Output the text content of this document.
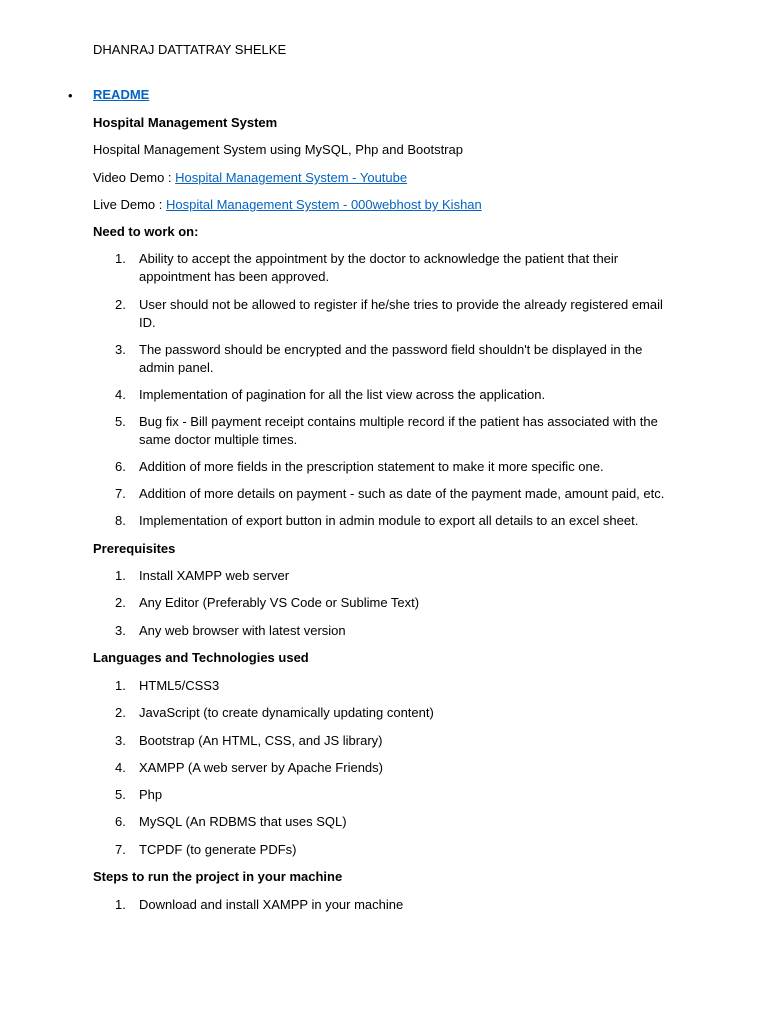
DHANRAJ DATTATRAY SHELKE
• README
Hospital Management System
Hospital Management System using MySQL, Php and Bootstrap
Video Demo : Hospital Management System - Youtube
Live Demo : Hospital Management System - 000webhost by Kishan
Need to work on:
1.	Ability to accept the appointment by the doctor to acknowledge the patient that their appointment has been approved.
2.	User should not be allowed to register if he/she tries to provide the already registered email ID.
3.	The password should be encrypted and the password field shouldn't be displayed in the admin panel.
4.	Implementation of pagination for all the list view across the application.
5.	Bug fix - Bill payment receipt contains multiple record if the patient has associated with the same doctor multiple times.
6.	Addition of more fields in the prescription statement to make it more specific one.
7.	Addition of more details on payment - such as date of the payment made, amount paid, etc.
8.	Implementation of export button in admin module to export all details to an excel sheet.
Prerequisites
1.	Install XAMPP web server
2.	Any Editor (Preferably VS Code or Sublime Text)
3.	Any web browser with latest version
Languages and Technologies used
1.	HTML5/CSS3
2.	JavaScript (to create dynamically updating content)
3.	Bootstrap (An HTML, CSS, and JS library)
4.	XAMPP (A web server by Apache Friends)
5.	Php
6.	MySQL (An RDBMS that uses SQL)
7.	TCPDF (to generate PDFs)
Steps to run the project in your machine
1.	Download and install XAMPP in your machine
